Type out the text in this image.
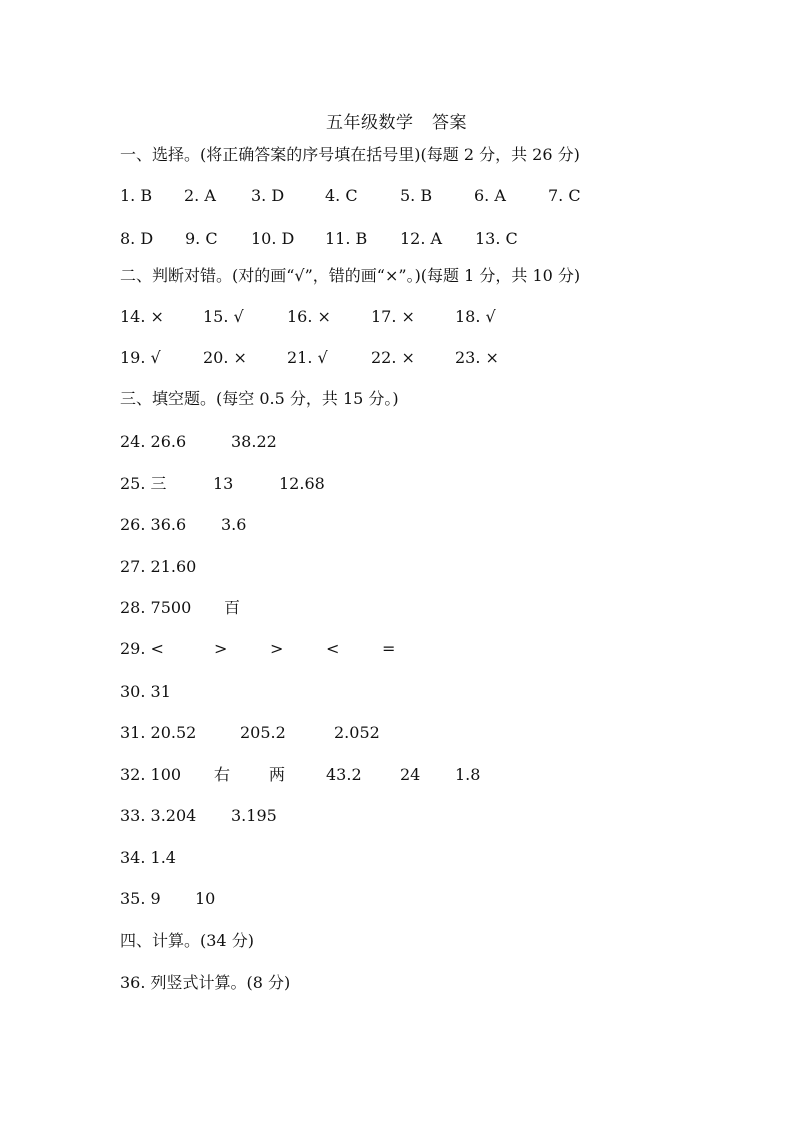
五年级数学 答案
一、选择。(将正确答案的序号填在括号里)(每题 2 分，共 26 分)
1. B 2. A 3. D	4. C	5. B	6. A	7. C
8. D 9. C 10. D 11. B 12. A 13. C
二、判断对错。(对的画“√”，错的画“×”。)(每题 1 分，共 10 分)
14. × 15. √	16. ×	17. ×	18. √
19. √	20. ×	21. √	22. ×	23. ×
三、填空题。(每空 0.5 分，共 15 分。)
24. 26.6	38.22
25. 三	13	12.68
26. 36.6 3.6
27. 21.60
28. 7500 百
29. <	>	>	<	=
30. 31
31. 20.52	205.2	2.052
32. 100 右 两	43.2 24 1.8
33. 3.204 3.195
34. 1.4
35. 9 10
四、计算。(34 分)
36. 列竖式计算。(8 分)
